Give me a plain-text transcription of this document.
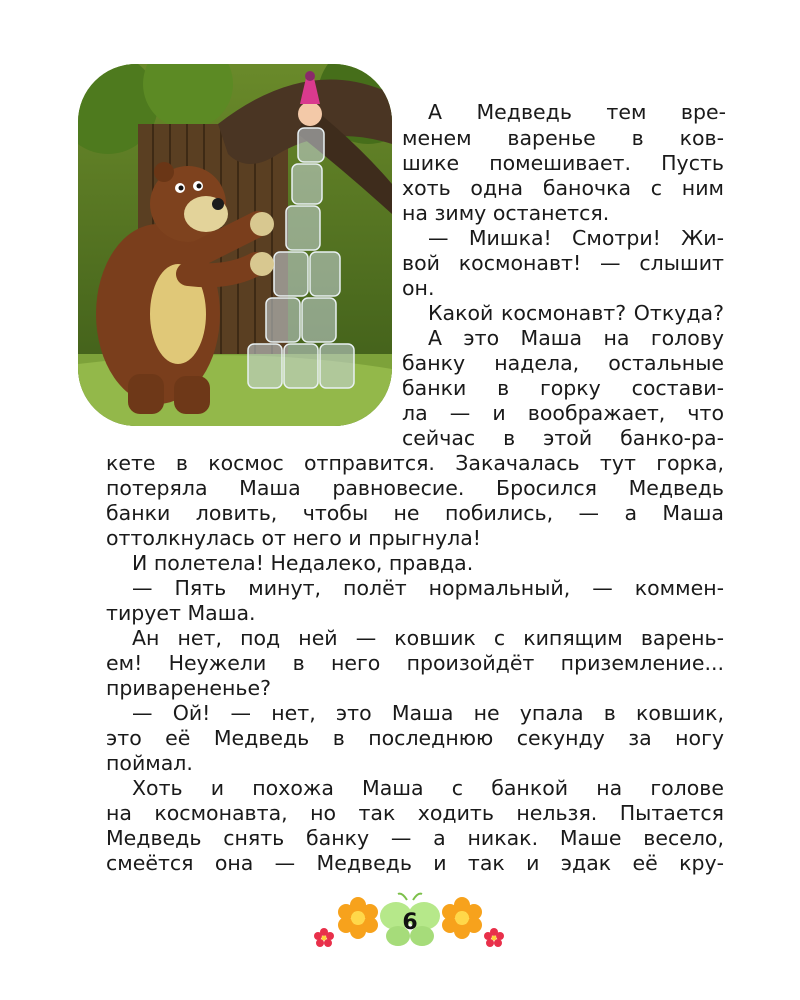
А Медведь тем вре-
менем варенье в ков-
шике помешивает. Пусть
хоть одна баночка с ним
на зиму останется.
— Мишка! Смотри! Жи-
вой космонавт! — слышит
он.
Какой космонавт? Откуда?
А это Маша на голову
банку надела, остальные
банки в горку состави-
ла — и воображает, что
сейчас в этой банко-ра-
кете в космос отправится. Закачалась тут горка,
потеряла Маша равновесие. Бросился Медведь
банки ловить, чтобы не побились, — а Маша
оттолкнулась от него и прыгнула!
И полетела! Недалеко, правда.
— Пять минут, полёт нормальный, — коммен-
тирует Маша.
Ан нет, под ней — ковшик с кипящим варень-
ем! Неужели в него произойдёт приземление...
приварененье?
— Ой! — нет, это Маша не упала в ковшик,
это её Медведь в последнюю секунду за ногу
поймал.
Хоть и похожа Маша с банкой на голове
на космонавта, но так ходить нельзя. Пытается
Медведь снять банку — а никак. Маше весело,
смеётся она — Медведь и так и эдак её кру-
6
